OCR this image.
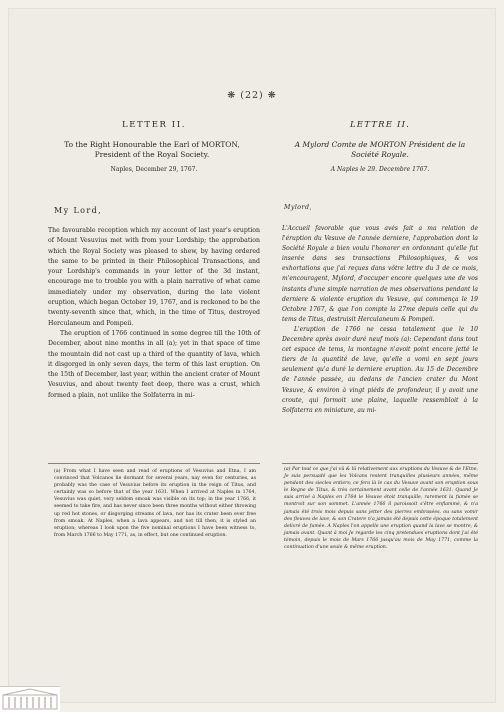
❋ (22) ❋
LETTER II.
To the Right Honourable the Earl of MORTON, President of the Royal Society.
Naples, December 29, 1767.
My Lord,

The favourable reception which my account of last year's eruption of Mount Vesuvius met with from your Lordship; the approbation which the Royal Society was pleased to shew, by having ordered the same to be printed in their Philosophical Transactions, and your Lordship's commands in your letter of the 3d instant, encourage me to trouble you with a plain narrative of what came immediately under my observation, during the late violent eruption, which began October 19, 1767, and is reckoned to be the twenty-seventh since that, which, in the time of Titus, destroyed Herculaneum and Pompeii.

The eruption of 1766 continued in some degree till the 10th of December, about nine months in all (a); yet in that space of time the mountain did not cast up a third of the quantity of lava, which it disgorged in only seven days, the term of this last eruption. On the 15th of December, last year, within the ancient crater of Mount Vesuvius, and about twenty feet deep, there was a crust, which formed a plain, not unlike the Solfaterra in mi-

(a) From what I have seen and read of eruptions of Vesuvius and Etna, I am convinced that Volcanos lie dormant for several years, nay even for centuries, as probably was the case of Vesuvius before its eruption in the reign of Titus, and certainly was so before that of the year 1631. When I arrived at Naples in 1764, Vesuvius was quiet, very seldom smoak was visible on its top; in the year 1766, it seemed to take fire, and has never since been three months without either throwing up red hot stones, or disgorging streams of lava, nor has its crater been ever free from smoak. At Naples, when a lava appears, and not till then, it is styled an eruption; whereas I look upon the five nominal eruptions I have been witness to, from March 1766 to May 1771, as, in effect, but one continued eruption.
LETTRE II.
A Mylord Comte de MORTON Président de la Société Royale.
A Naples le 29. Decembre 1767.
Mylord,

L'Accueil favorable que vous avés fait a ma relation de l'éruption du Vesuve de l'année derniere, l'approbation dont la Société Royale a bien voulu l'honorer en ordonnant qu'elle fut inserée dans ses transactions Philosophiques, & vos exhortations que j'ai reçues dans vôtre lettre du 3 de ce mois, m'encouragent, Mylord, d'occuper encore quelques une de vos instants d'une simple narration de mes observations pendant la derniere & violente eruption du Vesuve, qui commença le 19 Octobre 1767, & que l'on compte la 27me depuis celle qui du tems de Titus, destruisit Herculaneum & Pompeii.

L'eruption de 1766 ne cessa totalement que le 10 Decembre après avoir duré neuf mois (a): Cependant dans tout cet espace de tems, la montagne n'avoit point encore jetté le tiers de la quantité de lave, qu'elle a vomi en sept jours seulement qu'a duré la derniere eruption. Au 15 de Decembre de l'année passée, au dedans de l'ancien crater du Mont Vesuve, & environ à vingt piéds de profondeur, il y avoit une croute, qui formoit une plaine, laquelle ressembloit à la Solfaterra en miniature, au mi-

(a) Par tout ce que j'ai vû & lû relativement aux eruptions du Vesuve & de l'Etne, Je suis persuadé que les Volcans restent tranquilles plusieurs années, même pendant des siecles entiers; ce fera là le cas du Vesuve avant son eruption sous le Regne de Titus, & très certainement avant celle de l'année 1631. Quand Je suis arrivé à Naples en 1764 le Vesuve étoit tranquille, rarement la fumée se montroit sur son sommet. L'année 1766 il paroissoit s'être enflammé, & n'a jamais été trois mois depuis sans jetter des pierres embrasées, ou sans vomir des fleuves de lave, & son Cratere n'a jamais été depuis cette époque totalement delivré de fumée. A Naples l'on appelle une eruption quand la lave se montre, & jamais avant. Quant à moi Je regarde les cinq pretendues eruptions dont j'ai été témoin, depuis le mois de Mars 1766 jusqu'au mois de May 1771, comme la continuation d'une seule & même eruption.
